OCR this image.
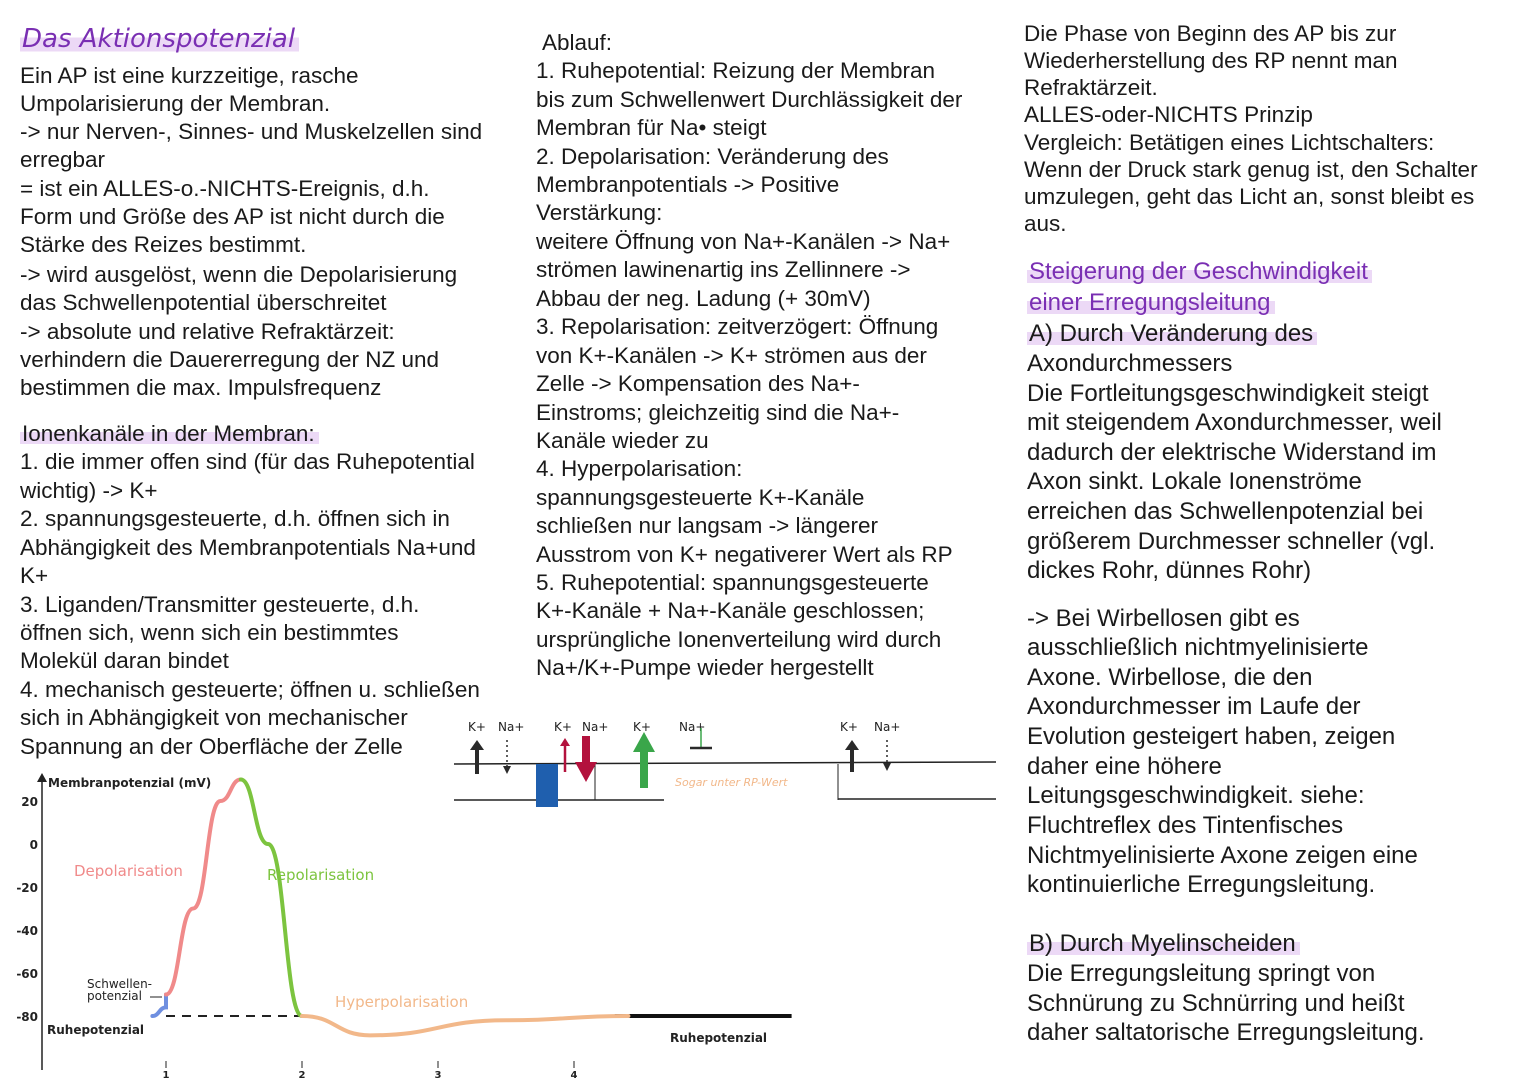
Das Aktionspotenzial
Ein AP ist eine kurzzeitige, rasche
Umpolarisierung der Membran.
-> nur Nerven-, Sinnes- und Muskelzellen sind
erregbar
= ist ein ALLES-o.-NICHTS-Ereignis, d.h.
Form und Größe des AP ist nicht durch die
Stärke des Reizes bestimmt.
-> wird ausgelöst, wenn die Depolarisierung
das Schwellenpotential überschreitet
-> absolute und relative Refraktärzeit:
verhindern die Dauererregung der NZ und
bestimmen die max. Impulsfrequenz
Ionenkanäle in der Membran:
1. die immer offen sind (für das Ruhepotential
wichtig) -> K+
2. spannungsgesteuerte, d.h. öffnen sich in
Abhängigkeit des Membranpotentials Na+und
K+
3. Liganden/Transmitter gesteuerte, d.h.
öffnen sich, wenn sich ein bestimmtes
Molekül daran bindet
4. mechanisch gesteuerte; öffnen u. schließen
sich in Abhängigkeit von mechanischer
Spannung an der Oberfläche der Zelle
Ablauf:
1. Ruhepotential: Reizung der Membran
bis zum Schwellenwert Durchlässigkeit der
Membran für Na• steigt
2. Depolarisation: Veränderung des
Membranpotentials -> Positive
Verstärkung:
weitere Öffnung von Na+-Kanälen -> Na+
strömen lawinenartig ins Zellinnere ->
Abbau der neg. Ladung (+ 30mV)
3. Repolarisation: zeitverzögert: Öffnung
von K+-Kanälen -> K+ strömen aus der
Zelle -> Kompensation des Na+-
Einstroms; gleichzeitig sind die Na+-
Kanäle wieder zu
4. Hyperpolarisation:
spannungsgesteuerte K+-Kanäle
schließen nur langsam -> längerer
Ausstrom von K+ negativerer Wert als RP
5. Ruhepotential: spannungsgesteuerte
K+-Kanäle + Na+-Kanäle geschlossen;
ursprüngliche Ionenverteilung wird durch
Na+/K+-Pumpe wieder hergestellt
Die Phase von Beginn des AP bis zur
Wiederherstellung des RP nennt man
Refraktärzeit.
ALLES-oder-NICHTS Prinzip
Vergleich: Betätigen eines Lichtschalters:
Wenn der Druck stark genug ist, den Schalter
umzulegen, geht das Licht an, sonst bleibt es
aus.
Steigerung der Geschwindigkeit
einer Erregungsleitung
A) Durch Veränderung des
Axondurchmessers
Die Fortleitungsgeschwindigkeit steigt
mit steigendem Axondurchmesser, weil
dadurch der elektrische Widerstand im
Axon sinkt. Lokale Ionenströme
erreichen das Schwellenpotenzial bei
größerem Durchmesser schneller (vgl.
dickes Rohr, dünnes Rohr)
-> Bei Wirbellosen gibt es
ausschließlich nichtmyelinisierte
Axone. Wirbellose, die den
Axondurchmesser im Laufe der
Evolution gesteigert haben, zeigen
daher eine höhere
Leitungsgeschwindigkeit. siehe:
Fluchtreflex des Tintenfisches
Nichtmyelinisierte Axone zeigen eine
kontinuierliche Erregungsleitung.
B) Durch Myelinscheiden
Die Erregungsleitung springt von
Schnürung zu Schnürring und heißt
daher saltatorische Erregungsleitung.
K+ Na+ K+ Na+ K+ Na+	K+ Na+
Sogar unter RP-Wert
Membranpotenzial (mV)
20
0
-20
-40
-60
-80
1	2	3	4
Depolarisation	Repolarisation
Hyperpolarisation
Schwellen-
potenzial
Ruhepotenzial
Ruhepotenzial
